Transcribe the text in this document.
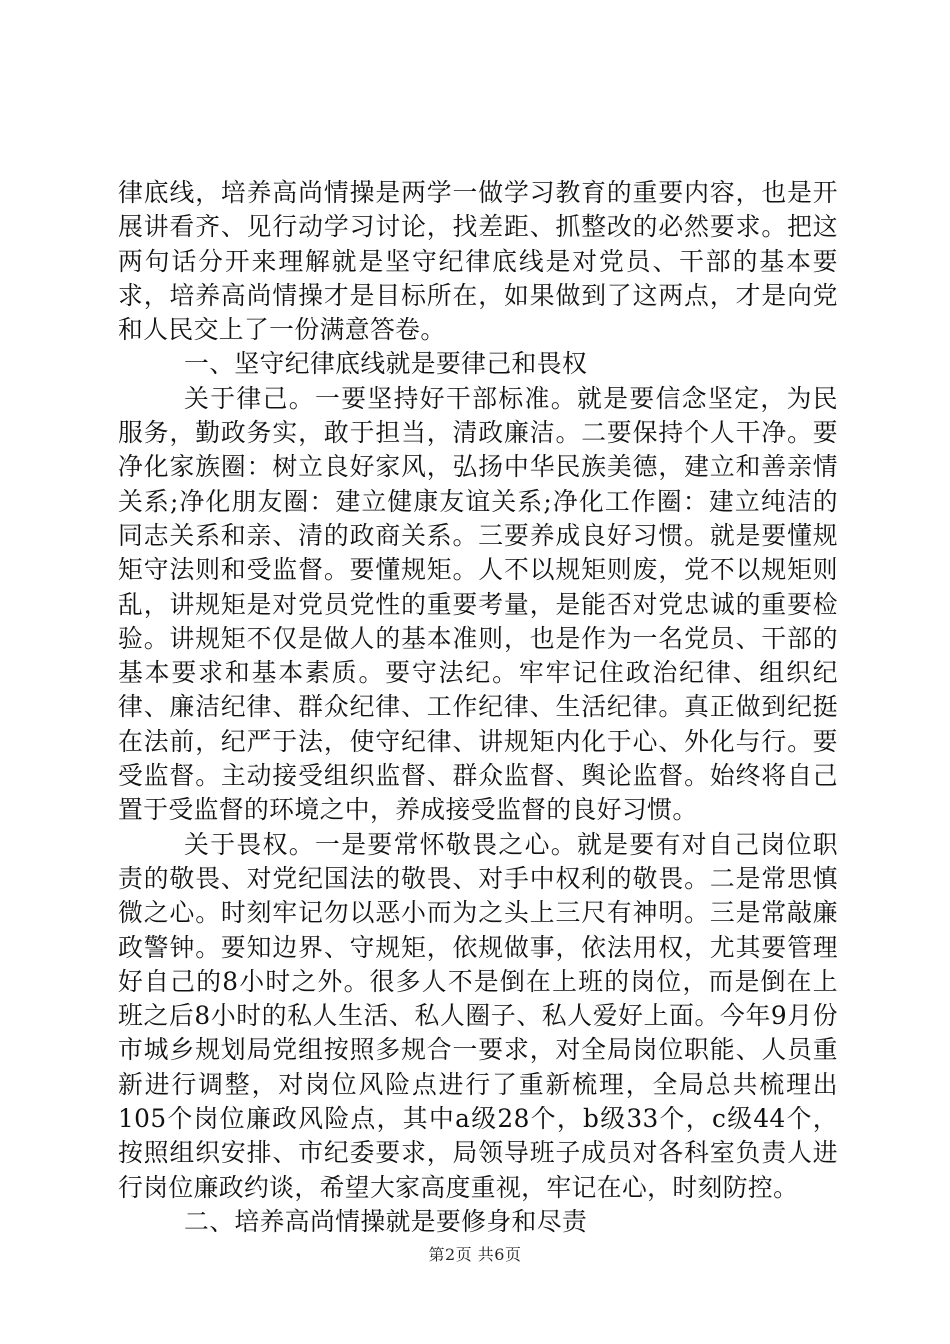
律底线，培养高尚情操是两学一做学习教育的重要内容，也是开展讲看齐、见行动学习讨论，找差距、抓整改的必然要求。把这两句话分开来理解就是坚守纪律底线是对党员、干部的基本要求，培养高尚情操才是目标所在，如果做到了这两点，才是向党和人民交上了一份满意答卷。

一、坚守纪律底线就是要律己和畏权

关于律己。一要坚持好干部标准。就是要信念坚定，为民服务，勤政务实，敢于担当，清政廉洁。二要保持个人干净。要净化家族圈：树立良好家风，弘扬中华民族美德，建立和善亲情关系;净化朋友圈：建立健康友谊关系;净化工作圈：建立纯洁的同志关系和亲、清的政商关系。三要养成良好习惯。就是要懂规矩守法则和受监督。要懂规矩。人不以规矩则废，党不以规矩则乱，讲规矩是对党员党性的重要考量，是能否对党忠诚的重要检验。讲规矩不仅是做人的基本准则，也是作为一名党员、干部的基本要求和基本素质。要守法纪。牢牢记住政治纪律、组织纪律、廉洁纪律、群众纪律、工作纪律、生活纪律。真正做到纪挺在法前，纪严于法，使守纪律、讲规矩内化于心、外化与行。要受监督。主动接受组织监督、群众监督、舆论监督。始终将自己置于受监督的环境之中，养成接受监督的良好习惯。

关于畏权。一是要常怀敬畏之心。就是要有对自己岗位职责的敬畏、对党纪国法的敬畏、对手中权利的敬畏。二是常思慎微之心。时刻牢记勿以恶小而为之头上三尺有神明。三是常敲廉政警钟。要知边界、守规矩，依规做事，依法用权，尤其要管理好自己的8小时之外。很多人不是倒在上班的岗位，而是倒在上班之后8小时的私人生活、私人圈子、私人爱好上面。今年9月份市城乡规划局党组按照多规合一要求，对全局岗位职能、人员重新进行调整，对岗位风险点进行了重新梳理，全局总共梳理出105个岗位廉政风险点，其中a级28个，b级33个，c级44个，按照组织安排、市纪委要求，局领导班子成员对各科室负责人进行岗位廉政约谈，希望大家高度重视，牢记在心，时刻防控。

二、培养高尚情操就是要修身和尽责

第2页 共6页
